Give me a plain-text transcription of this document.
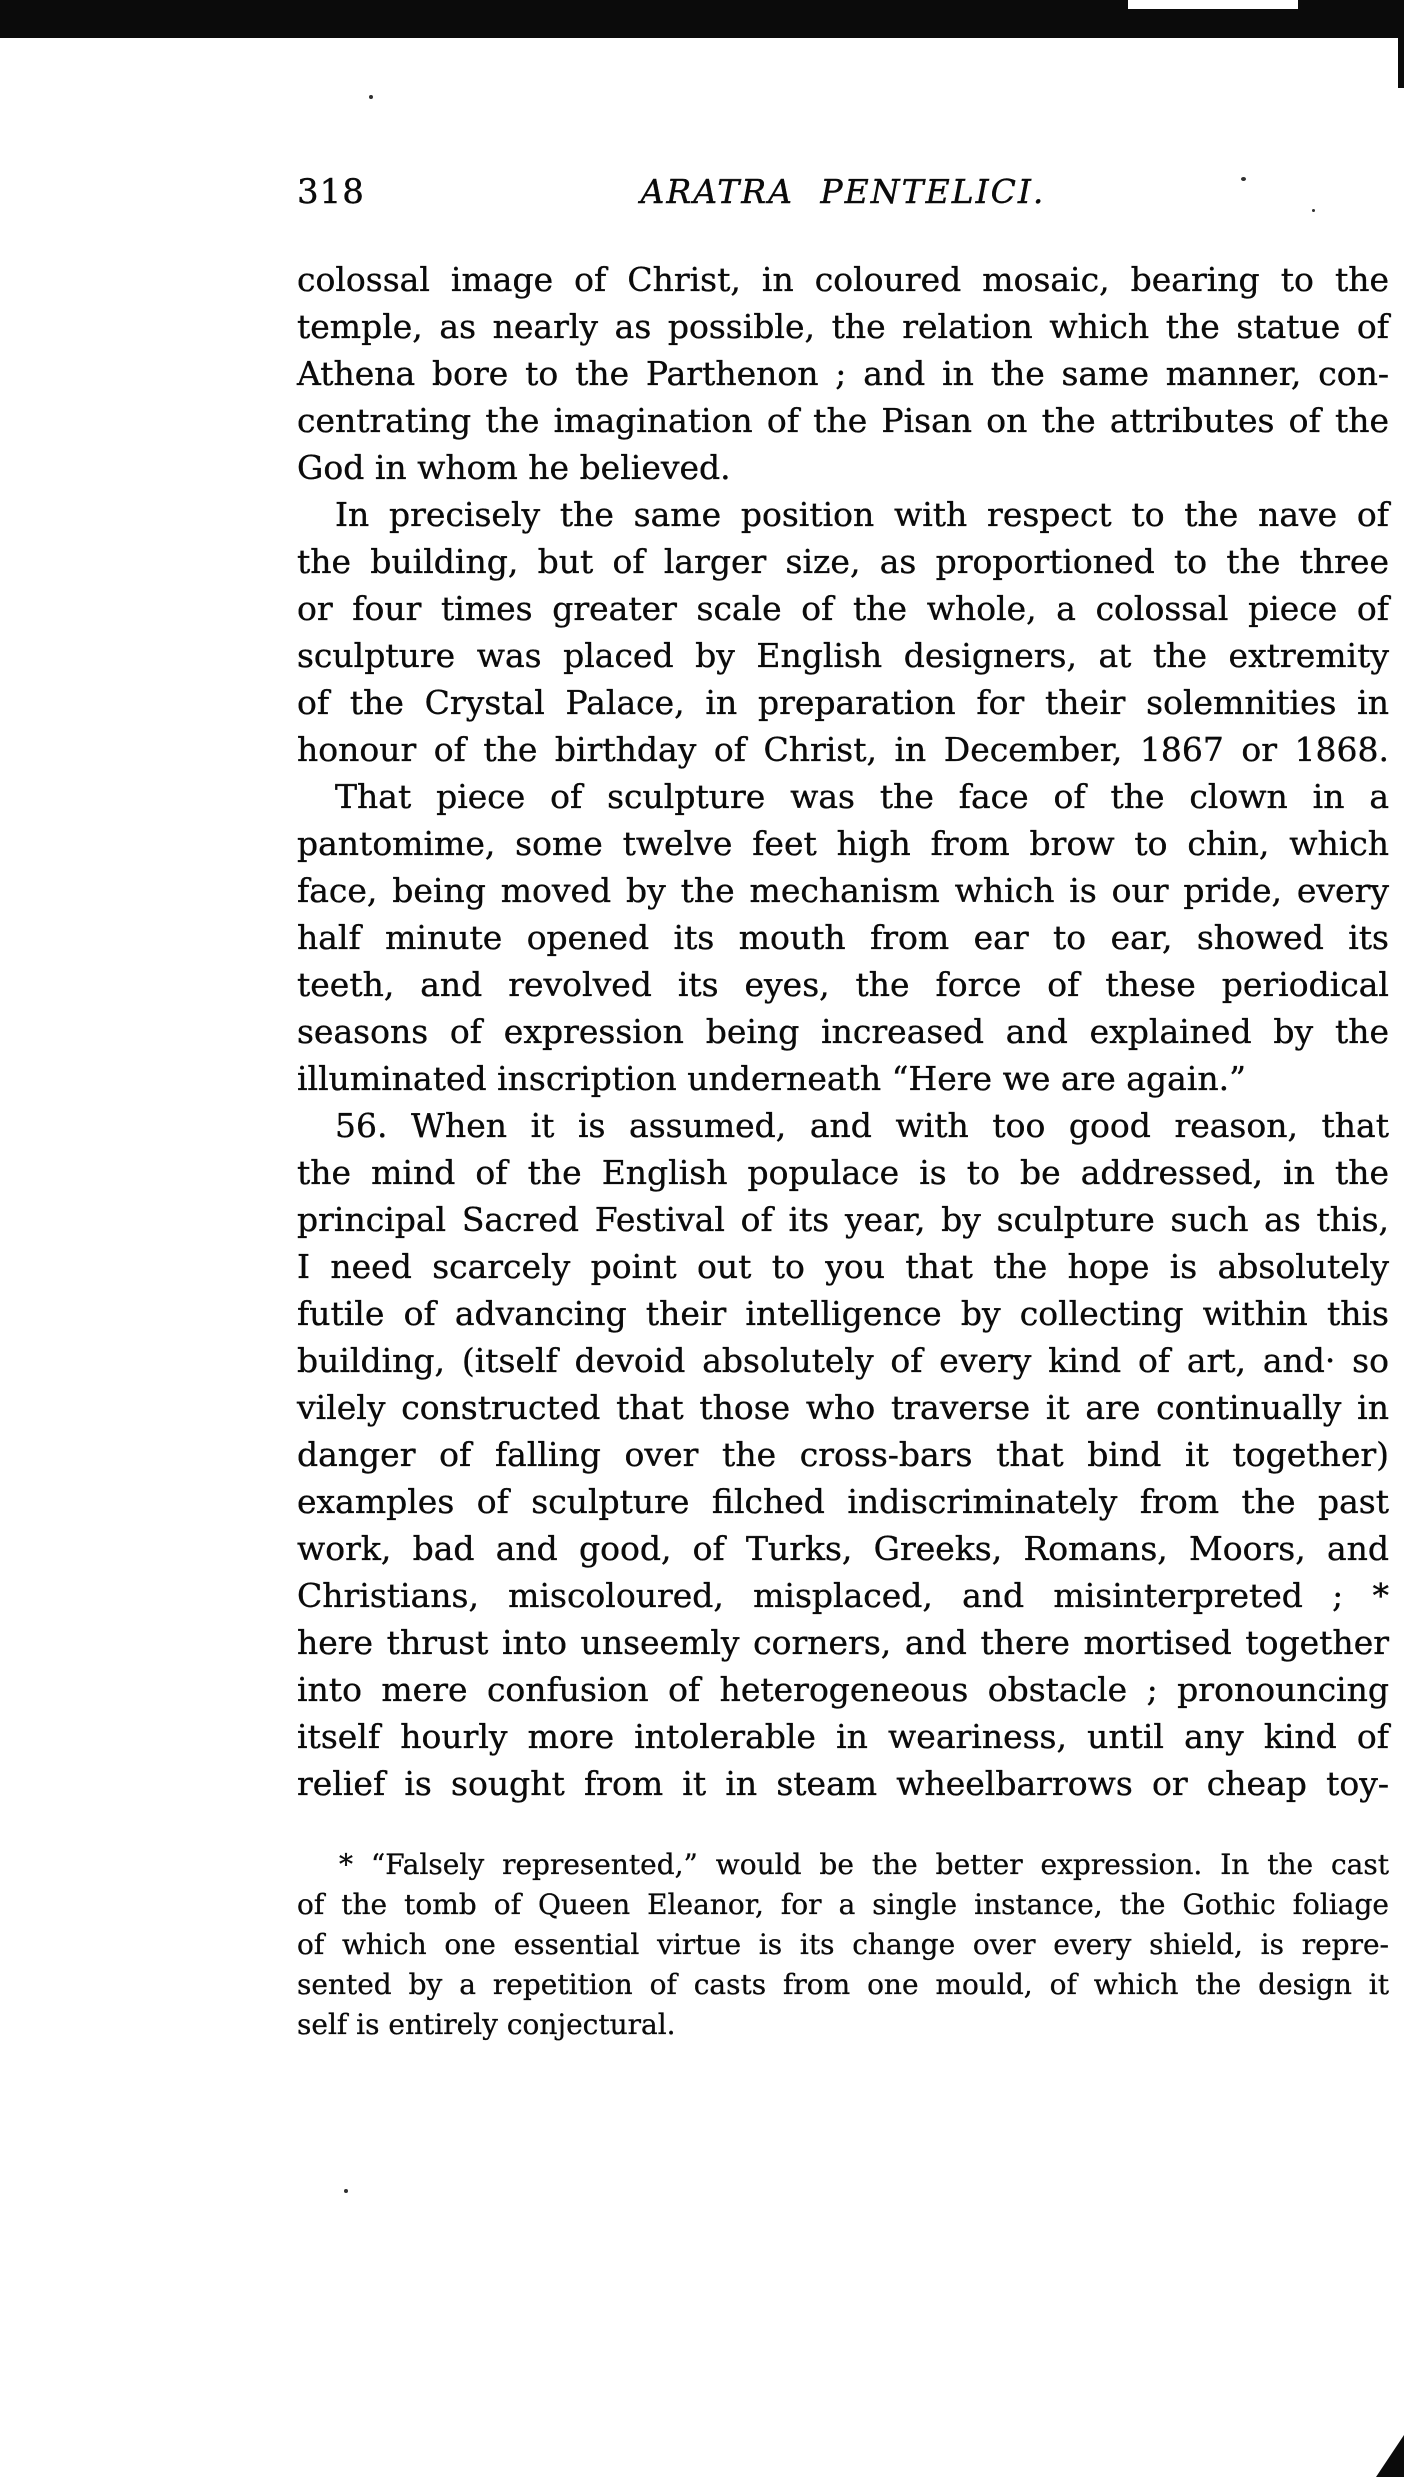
318	ARATRA PENTELICI.
colossal image of Christ, in coloured mosaic, bearing to the
temple, as nearly as possible, the relation which the statue of
Athena bore to the Parthenon ; and in the same manner, con-
centrating the imagination of the Pisan on the attributes of the
God in whom he believed.
In precisely the same position with respect to the nave of
the building, but of larger size, as proportioned to the three
or four times greater scale of the whole, a colossal piece of
sculpture was placed by English designers, at the extremity
of the Crystal Palace, in preparation for their solemnities in
honour of the birthday of Christ, in December, 1867 or 1868.
That piece of sculpture was the face of the clown in a
pantomime, some twelve feet high from brow to chin, which
face, being moved by the mechanism which is our pride, every
half minute opened its mouth from ear to ear, showed its
teeth, and revolved its eyes, the force of these periodical
seasons of expression being increased and explained by the
illuminated inscription underneath “Here we are again.”
56. When it is assumed, and with too good reason, that
the mind of the English populace is to be addressed, in the
principal Sacred Festival of its year, by sculpture such as this,
I need scarcely point out to you that the hope is absolutely
futile of advancing their intelligence by collecting within this
building, (itself devoid absolutely of every kind of art, and· so
vilely constructed that those who traverse it are continually in
danger of falling over the cross-bars that bind it together)
examples of sculpture filched indiscriminately from the past
work, bad and good, of Turks, Greeks, Romans, Moors, and
Christians, miscoloured, misplaced, and misinterpreted ; *
here thrust into unseemly corners, and there mortised together
into mere confusion of heterogeneous obstacle ; pronouncing
itself hourly more intolerable in weariness, until any kind of
relief is sought from it in steam wheelbarrows or cheap toy-
* “Falsely represented,” would be the better expression. In the cast
of the tomb of Queen Eleanor, for a single instance, the Gothic foliage
of which one essential virtue is its change over every shield, is repre-
sented by a repetition of casts from one mould, of which the design it
self is entirely conjectural.
